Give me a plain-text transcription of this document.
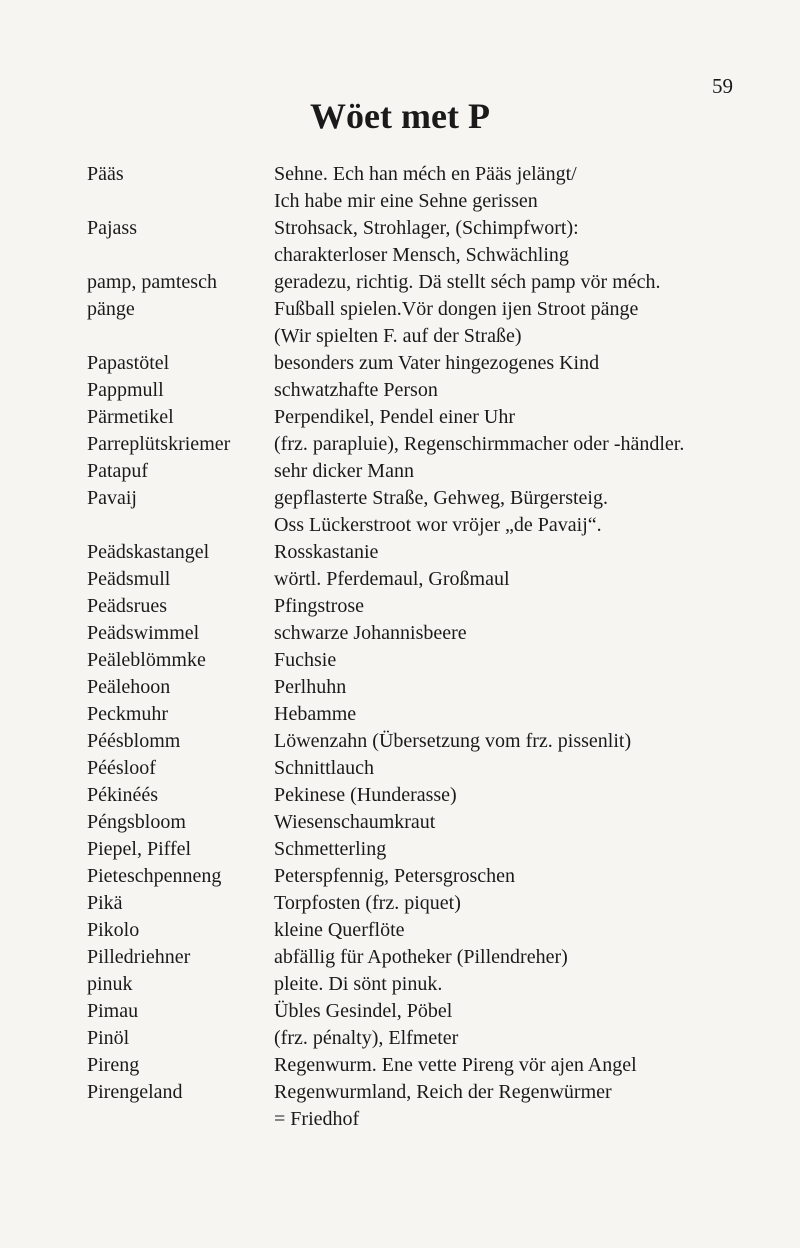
59
Wöet met P
Pääs	Sehne. Ech han méch en Pääs jelängt/
Ich habe mir eine Sehne gerissen
Pajass	Strohsack, Strohlager, (Schimpfwort):
charakterloser Mensch, Schwächling
pamp, pamtesch	geradezu, richtig. Dä stellt séch pamp vör méch.
pänge	Fußball spielen.Vör dongen ijen Stroot pänge
(Wir spielten F. auf der Straße)
Papastötel	besonders zum Vater hingezogenes Kind
Pappmull	schwatzhafte Person
Pärmetikel	Perpendikel, Pendel einer Uhr
Parreplütskriemer	(frz. parapluie), Regenschirmmacher oder -händler.
Patapuf	sehr dicker Mann
Pavaij	gepflasterte Straße, Gehweg, Bürgersteig.
Oss Lückerstroot wor vröjer „de Pavaij“.
Peädskastangel	Rosskastanie
Peädsmull	wörtl. Pferdemaul, Großmaul
Peädsrues	Pfingstrose
Peädswimmel	schwarze Johannisbeere
Peäleblömmke	Fuchsie
Peälehoon	Perlhuhn
Peckmuhr	Hebamme
Péésblomm	Löwenzahn (Übersetzung vom frz. pissenlit)
Péésloof	Schnittlauch
Pékinéés	Pekinese (Hunderasse)
Péngsbloom	Wiesenschaumkraut
Piepel, Piffel	Schmetterling
Pieteschpenneng	Peterspfennig, Petersgroschen
Pikä	Torpfosten (frz. piquet)
Pikolo	kleine Querflöte
Pilledriehner	abfällig für Apotheker (Pillendreher)
pinuk	pleite. Di sönt pinuk.
Pimau	Übles Gesindel, Pöbel
Pinöl	(frz. pénalty), Elfmeter
Pireng	Regenwurm. Ene vette Pireng vör ajen Angel
Pirengeland	Regenwurmland, Reich der Regenwürmer
= Friedhof
